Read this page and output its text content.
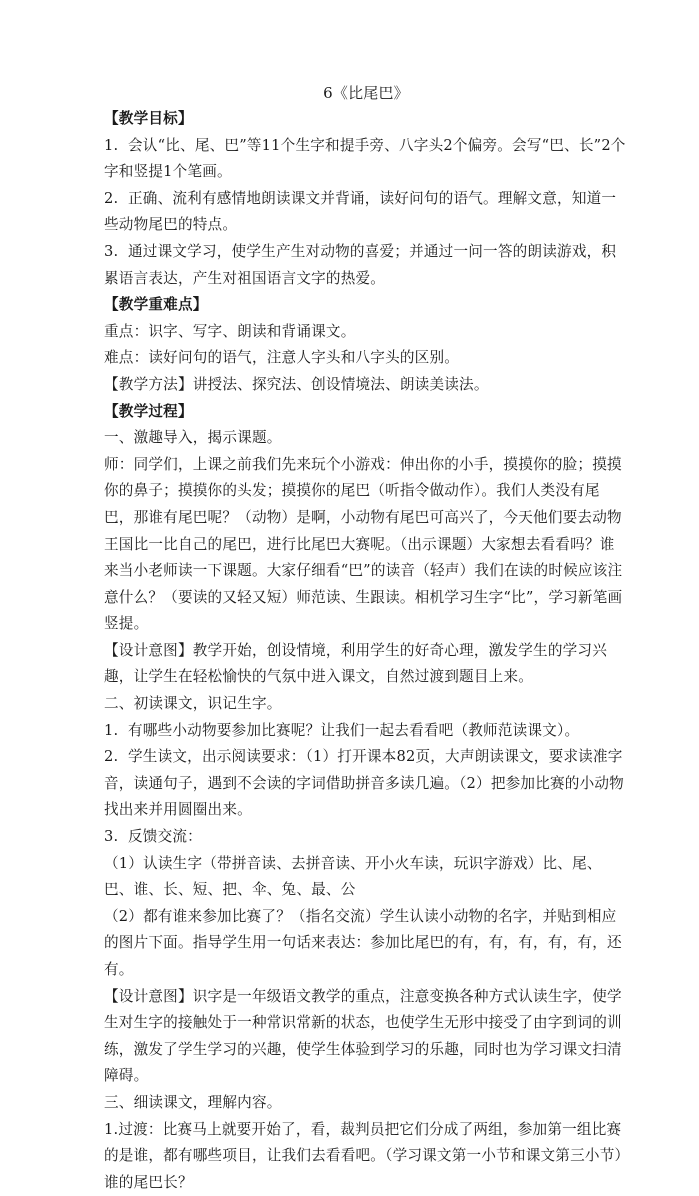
6《比尾巴》

【教学目标】

1.  会认“比、尾、巴”等11个生字和提手旁、八字头2个偏旁。会写“巴、长”2个字和竖提1个笔画。

2.  正确、流利有感情地朗读课文并背诵，读好问句的语气。理解文意，知道一些动物尾巴的特点。

3.  通过课文学习，使学生产生对动物的喜爱；并通过一问一答的朗读游戏，积累语言表达，产生对祖国语言文字的热爱。

【教学重难点】

重点：识字、写字、朗读和背诵课文。

难点：读好问句的语气，注意人字头和八字头的区别。

【教学方法】讲授法、探究法、创设情境法、朗读美读法。

【教学过程】

一、激趣导入，揭示课题。

师：同学们，上课之前我们先来玩个小游戏：伸出你的小手，摸摸你的脸；摸摸你的鼻子；摸摸你的头发；摸摸你的尾巴（听指令做动作）。我们人类没有尾巴，那谁有尾巴呢？（动物）是啊，小动物有尾巴可高兴了，今天他们要去动物王国比一比自己的尾巴，进行比尾巴大赛呢。（出示课题）大家想去看看吗？谁来当小老师读一下课题。大家仔细看“巴”的读音（轻声）我们在读的时候应该注意什么？（要读的又轻又短）师范读、生跟读。相机学习生字“比”，学习新笔画竖提。

【设计意图】教学开始，创设情境，利用学生的好奇心理，激发学生的学习兴趣，让学生在轻松愉快的气氛中进入课文，自然过渡到题目上来。

二、初读课文，识记生字。

1.  有哪些小动物要参加比赛呢？让我们一起去看看吧（教师范读课文）。

2.  学生读文，出示阅读要求：（1）打开课本82页，大声朗读课文，要求读准字音，读通句子，遇到不会读的字词借助拼音多读几遍。（2）把参加比赛的小动物找出来并用圆圈出来。

3.  反馈交流：

（1）认读生字（带拼音读、去拼音读、开小火车读，玩识字游戏）比、尾、巴、谁、长、短、把、伞、兔、最、公

（2）都有谁来参加比赛了？（指名交流）学生认读小动物的名字，并贴到相应的图片下面。指导学生用一句话来表达：参加比尾巴的有，有，有，有，有，还有。

【设计意图】识字是一年级语文教学的重点，注意变换各种方式认读生字，使学生对生字的接触处于一种常识常新的状态，也使学生无形中接受了由字到词的训练，激发了学生学习的兴趣，使学生体验到学习的乐趣，同时也为学习课文扫清障碍。

三、细读课文，理解内容。

1.过渡：比赛马上就要开始了，看，裁判员把它们分成了两组，参加第一组比赛的是谁，都有哪些项目，让我们去看看吧。（学习课文第一小节和课文第三小节）谁的尾巴长？
